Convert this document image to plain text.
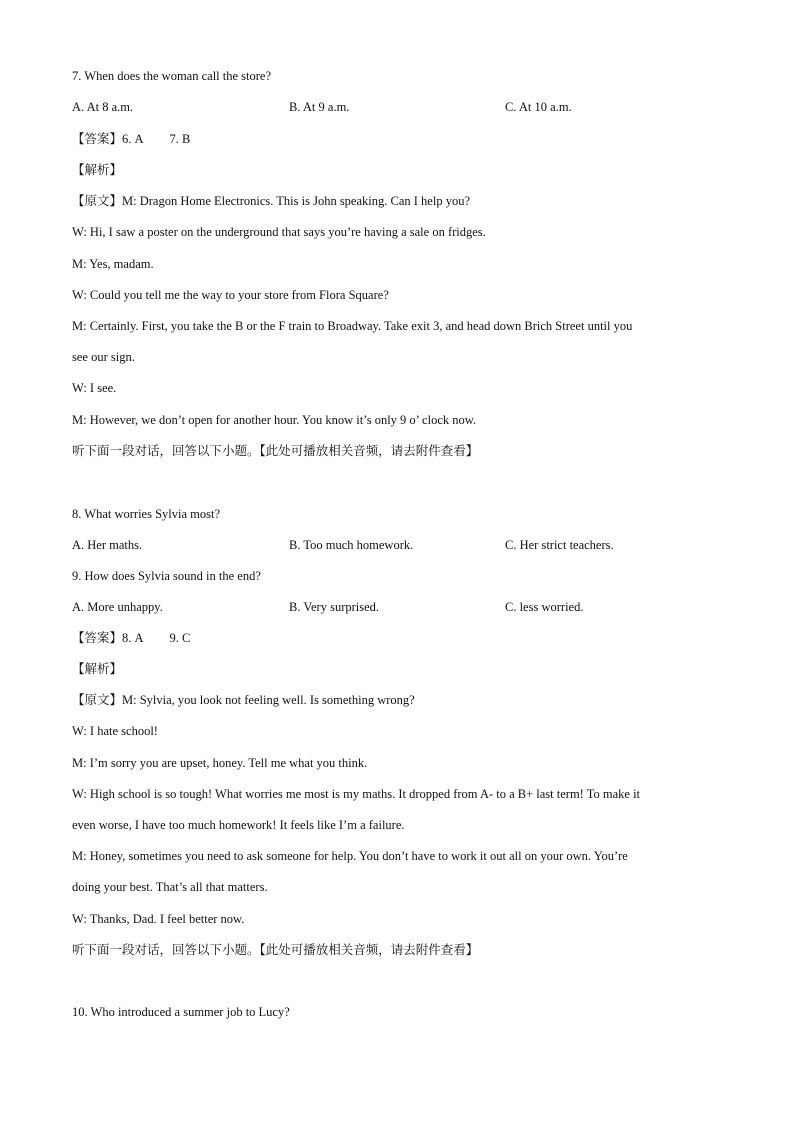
7. When does the woman call the store?
A. At 8 a.m.	B. At 9 a.m.	C. At 10 a.m.
【答案】6. A 7. B
【解析】
【原文】M: Dragon Home Electronics. This is John speaking. Can I help you?
W: Hi, I saw a poster on the underground that says you’re having a sale on fridges.
M: Yes, madam.
W: Could you tell me the way to your store from Flora Square?
M: Certainly. First, you take the B or the F train to Broadway. Take exit 3, and head down Brich Street until you
see our sign.
W: I see.
M: However, we don’t open for another hour. You know it’s only 9 o’ clock now.
听下面一段对话，回答以下小题。【此处可播放相关音频，请去附件查看】
8. What worries Sylvia most?
A. Her maths.	B. Too much homework.	C. Her strict teachers.
9. How does Sylvia sound in the end?
A. More unhappy.	B. Very surprised.	C. less worried.
【答案】8. A 9. C
【解析】
【原文】M: Sylvia, you look not feeling well. Is something wrong?
W: I hate school!
M: I’m sorry you are upset, honey. Tell me what you think.
W: High school is so tough! What worries me most is my maths. It dropped from A- to a B+ last term! To make it
even worse, I have too much homework! It feels like I’m a failure.
M: Honey, sometimes you need to ask someone for help. You don’t have to work it out all on your own. You’re
doing your best. That’s all that matters.
W: Thanks, Dad. I feel better now.
听下面一段对话，回答以下小题。【此处可播放相关音频，请去附件查看】
10. Who introduced a summer job to Lucy?
